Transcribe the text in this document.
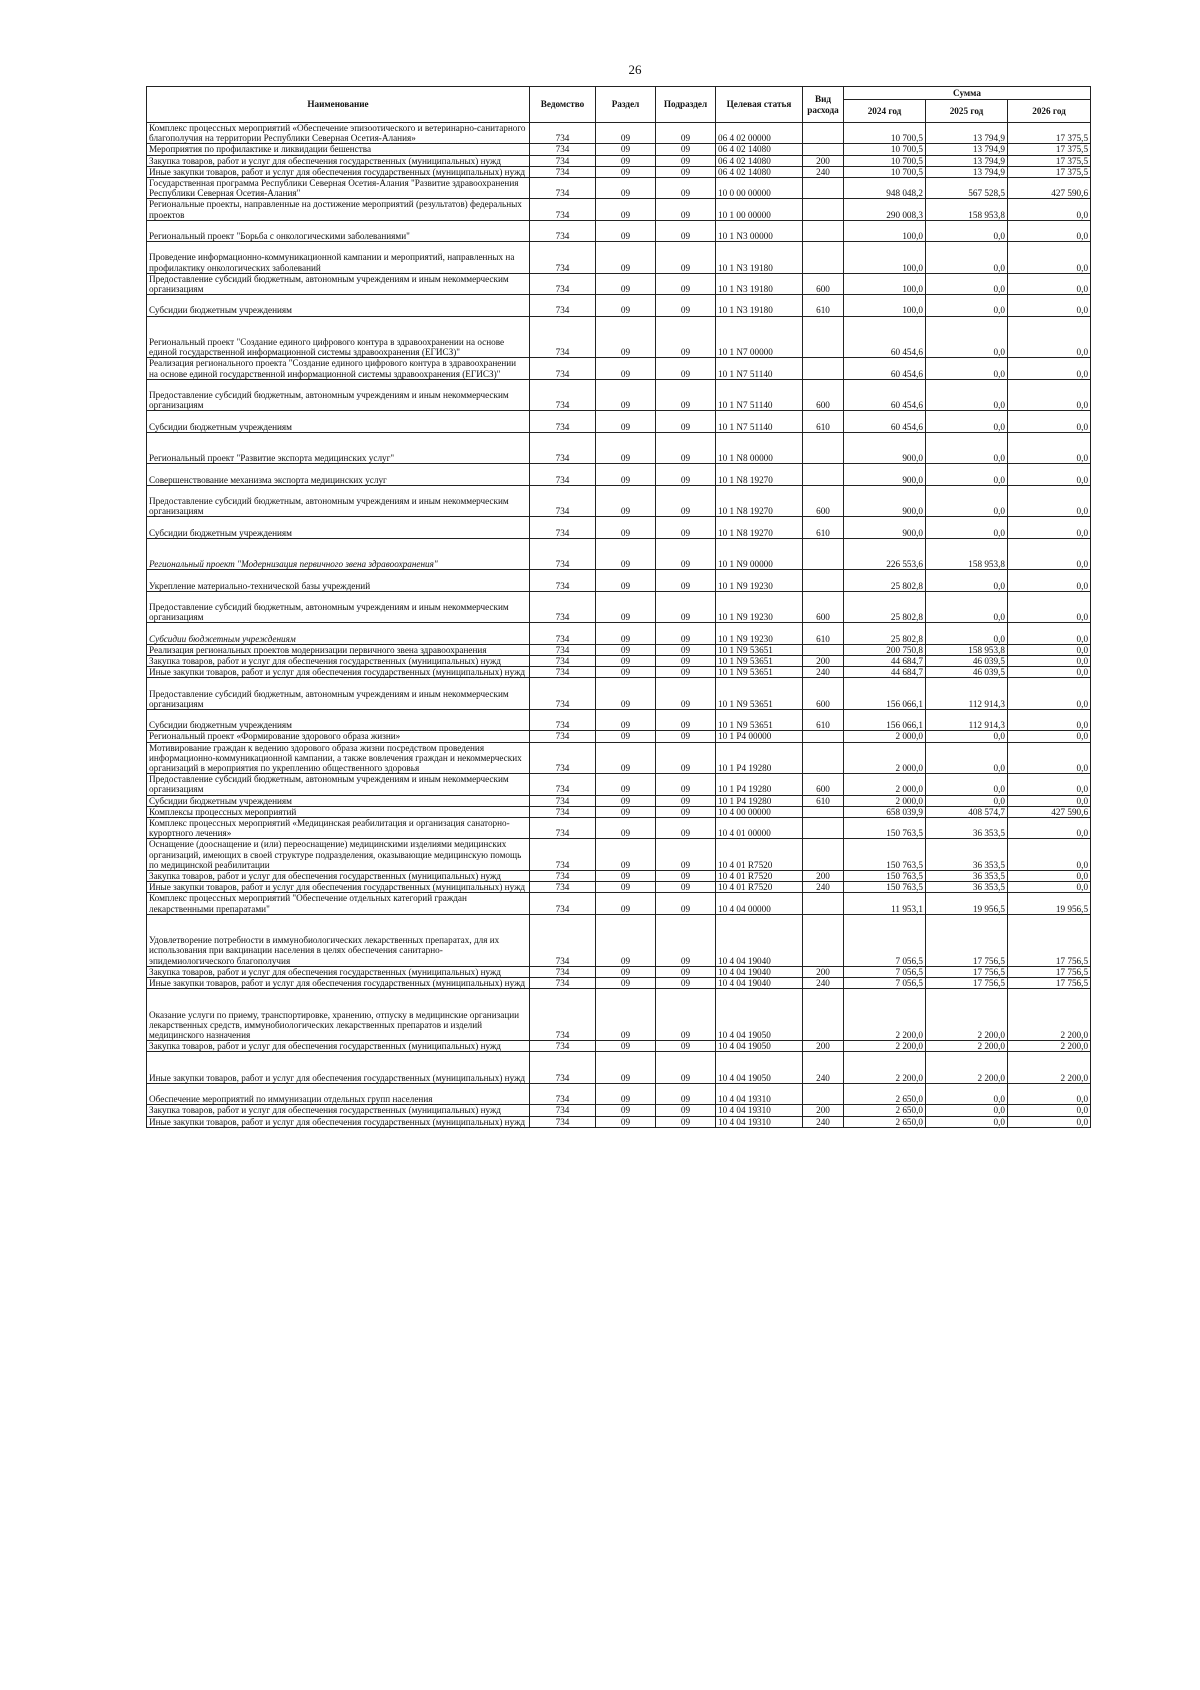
26
Наименование	Ведомство	Раздел	Подраздел	Целевая статья	Вид расхода	Сумма		
						2024 год	2025 год	2026 год
Комплекс процессных мероприятий «Обеспечение эпизоотического и ветеринарно-санитарного благополучия на территории Республики Северная Осетия-Алания»	734	09	09	06 4 02 00000		10 700,5	13 794,9	17 375,5
Мероприятия по профилактике и ликвидации бешенства	734	09	09	06 4 02 14080		10 700,5	13 794,9	17 375,5
Закупка товаров, работ и услуг для обеспечения государственных (муниципальных) нужд	734	09	09	06 4 02 14080	200	10 700,5	13 794,9	17 375,5
Иные закупки товаров, работ и услуг для обеспечения государственных (муниципальных) нужд	734	09	09	06 4 02 14080	240	10 700,5	13 794,9	17 375,5
Государственная программа Республики Северная Осетия-Алания "Развитие здравоохранения Республики Северная Осетия-Алания"	734	09	09	10 0 00 00000		948 048,2	567 528,5	427 590,6
Региональные проекты, направленные на достижение мероприятий (результатов) федеральных проектов	734	09	09	10 1 00 00000		290 008,3	158 953,8	0,0
Региональный проект "Борьба с онкологическими заболеваниями"	734	09	09	10 1 N3 00000		100,0	0,0	0,0
Проведение информационно-коммуникационной кампании и мероприятий, направленных на профилактику онкологических заболеваний	734	09	09	10 1 N3 19180		100,0	0,0	0,0
Предоставление субсидий бюджетным, автономным учреждениям и иным некоммерческим организациям	734	09	09	10 1 N3 19180	600	100,0	0,0	0,0
Субсидии бюджетным учреждениям	734	09	09	10 1 N3 19180	610	100,0	0,0	0,0
Региональный проект "Создание единого цифрового контура в здравоохранении на основе единой государственной информационной системы здравоохранения (ЕГИСЗ)"	734	09	09	10 1 N7 00000		60 454,6	0,0	0,0
Реализация регионального проекта "Создание единого цифрового контура в здравоохранении на основе единой государственной информационной системы здравоохранения (ЕГИСЗ)"	734	09	09	10 1 N7 51140		60 454,6	0,0	0,0
Предоставление субсидий бюджетным, автономным учреждениям и иным некоммерческим организациям	734	09	09	10 1 N7 51140	600	60 454,6	0,0	0,0
Субсидии бюджетным учреждениям	734	09	09	10 1 N7 51140	610	60 454,6	0,0	0,0
Региональный проект "Развитие экспорта медицинских услуг"	734	09	09	10 1 N8 00000		900,0	0,0	0,0
Совершенствование механизма экспорта медицинских услуг	734	09	09	10 1 N8 19270		900,0	0,0	0,0
Предоставление субсидий бюджетным, автономным учреждениям и иным некоммерческим организациям	734	09	09	10 1 N8 19270	600	900,0	0,0	0,0
Субсидии бюджетным учреждениям	734	09	09	10 1 N8 19270	610	900,0	0,0	0,0
Региональный проект "Модернизация первичного звена здравоохранения"	734	09	09	10 1 N9 00000		226 553,6	158 953,8	0,0
Укрепление материально-технической базы учреждений	734	09	09	10 1 N9 19230		25 802,8	0,0	0,0
Предоставление субсидий бюджетным, автономным учреждениям и иным некоммерческим организациям	734	09	09	10 1 N9 19230	600	25 802,8	0,0	0,0
Субсидии бюджетным учреждениям	734	09	09	10 1 N9 19230	610	25 802,8	0,0	0,0
Реализация региональных проектов модернизации первичного звена здравоохранения	734	09	09	10 1 N9 53651		200 750,8	158 953,8	0,0
Закупка товаров, работ и услуг для обеспечения государственных (муниципальных) нужд	734	09	09	10 1 N9 53651	200	44 684,7	46 039,5	0,0
Иные закупки товаров, работ и услуг для обеспечения государственных (муниципальных) нужд	734	09	09	10 1 N9 53651	240	44 684,7	46 039,5	0,0
Предоставление субсидий бюджетным, автономным учреждениям и иным некоммерческим организациям	734	09	09	10 1 N9 53651	600	156 066,1	112 914,3	0,0
Субсидии бюджетным учреждениям	734	09	09	10 1 N9 53651	610	156 066,1	112 914,3	0,0
Региональный проект «Формирование здорового образа жизни»	734	09	09	10 1 P4 00000		2 000,0	0,0	0,0
Мотивирование граждан к ведению здорового образа жизни посредством проведения информационно-коммуникационной кампании, а также вовлечения граждан и некоммерческих организаций в мероприятия по укреплению общественного здоровья	734	09	09	10 1 P4 19280		2 000,0	0,0	0,0
Предоставление субсидий бюджетным, автономным учреждениям и иным некоммерческим организациям	734	09	09	10 1 P4 19280	600	2 000,0	0,0	0,0
Субсидии бюджетным учреждениям	734	09	09	10 1 P4 19280	610	2 000,0	0,0	0,0
Комплексы процессных мероприятий	734	09	09	10 4 00 00000		658 039,9	408 574,7	427 590,6
Комплекс процессных мероприятий «Медицинская реабилитация и организация санаторно-курортного лечения»	734	09	09	10 4 01 00000		150 763,5	36 353,5	0,0
Оснащение (дооснащение и (или) переоснащение) медицинскими изделиями медицинских организаций, имеющих в своей структуре подразделения, оказывающие медицинскую помощь по медицинской реабилитации	734	09	09	10 4 01 R7520		150 763,5	36 353,5	0,0
Закупка товаров, работ и услуг для обеспечения государственных (муниципальных) нужд	734	09	09	10 4 01 R7520	200	150 763,5	36 353,5	0,0
Иные закупки товаров, работ и услуг для обеспечения государственных (муниципальных) нужд	734	09	09	10 4 01 R7520	240	150 763,5	36 353,5	0,0
Комплекс процессных мероприятий "Обеспечение отдельных категорий граждан лекарственными препаратами"	734	09	09	10 4 04 00000		11 953,1	19 956,5	19 956,5
Удовлетворение потребности в иммунобиологических лекарственных препаратах, для их использования при вакцинации населения в целях обеспечения санитарно-эпидемиологического благополучия	734	09	09	10 4 04 19040		7 056,5	17 756,5	17 756,5
Закупка товаров, работ и услуг для обеспечения государственных (муниципальных) нужд	734	09	09	10 4 04 19040	200	7 056,5	17 756,5	17 756,5
Иные закупки товаров, работ и услуг для обеспечения государственных (муниципальных) нужд	734	09	09	10 4 04 19040	240	7 056,5	17 756,5	17 756,5
Оказание услуги по приему, транспортировке, хранению, отпуску в медицинские организации лекарственных средств, иммунобиологических лекарственных препаратов и изделий медицинского назначения	734	09	09	10 4 04 19050		2 200,0	2 200,0	2 200,0
Закупка товаров, работ и услуг для обеспечения государственных (муниципальных) нужд	734	09	09	10 4 04 19050	200	2 200,0	2 200,0	2 200,0
Иные закупки товаров, работ и услуг для обеспечения государственных (муниципальных) нужд	734	09	09	10 4 04 19050	240	2 200,0	2 200,0	2 200,0
Обеспечение мероприятий по иммунизации отдельных групп населения	734	09	09	10 4 04 19310		2 650,0	0,0	0,0
Закупка товаров, работ и услуг для обеспечения государственных (муниципальных) нужд	734	09	09	10 4 04 19310	200	2 650,0	0,0	0,0
Иные закупки товаров, работ и услуг для обеспечения государственных (муниципальных) нужд	734	09	09	10 4 04 19310	240	2 650,0	0,0	0,0
